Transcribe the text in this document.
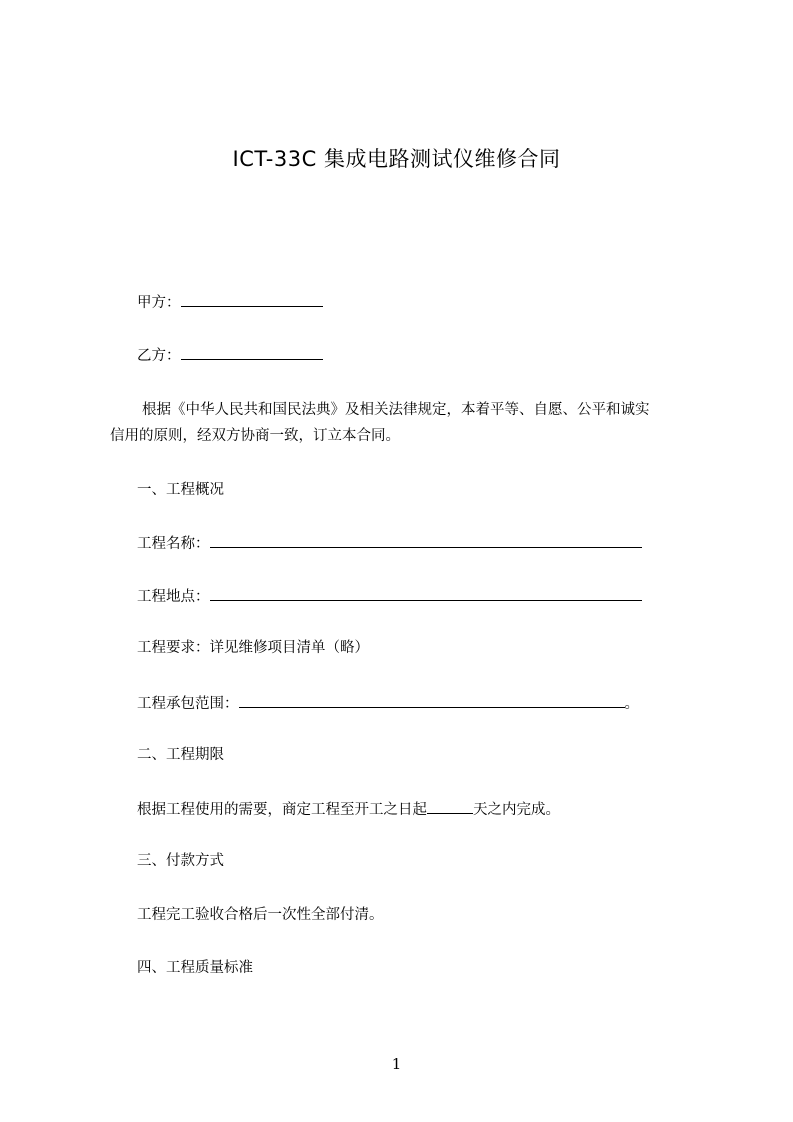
ICT-33C 集成电路测试仪维修合同
甲方：
乙方：
根据《中华人民共和国民法典》及相关法律规定，本着平等、自愿、公平和诚实
信用的原则，经双方协商一致，订立本合同。
一、工程概况
工程名称：
工程地点：
工程要求：详见维修项目清单（略）
工程承包范围：	。
二、工程期限
根据工程使用的需要，商定工程至开工之日起	天之内完成。
三、付款方式
工程完工验收合格后一次性全部付清。
四、工程质量标准
1
